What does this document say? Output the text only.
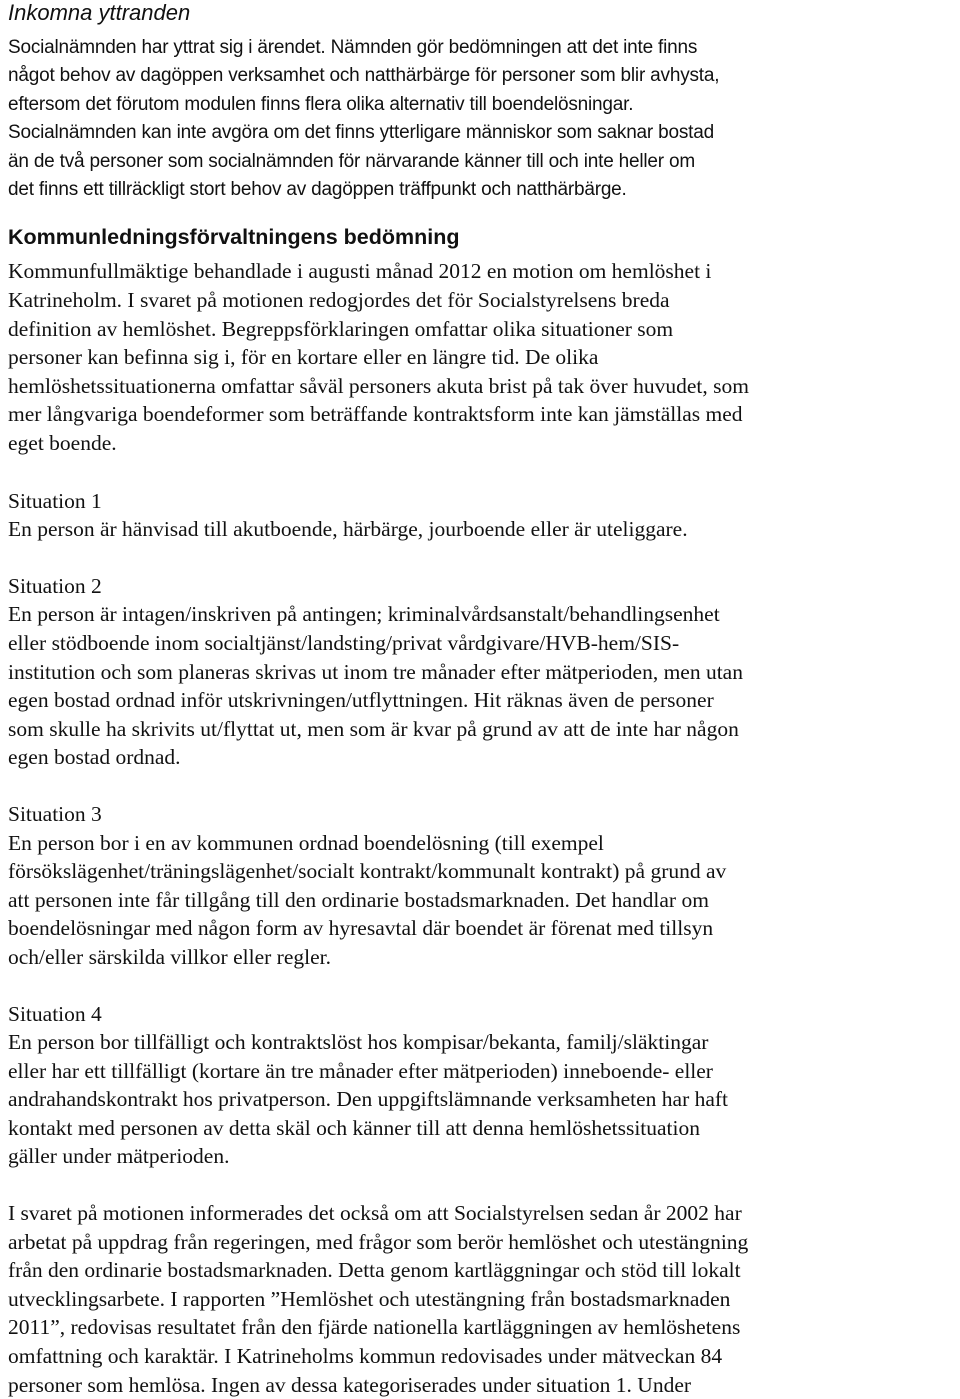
Inkomna yttranden

Socialnämnden har yttrat sig i ärendet. Nämnden gör bedömningen att det inte finns
något behov av dagöppen verksamhet och natthärbärge för personer som blir avhysta,
eftersom det förutom modulen finns flera olika alternativ till boendelösningar.
Socialnämnden kan inte avgöra om det finns ytterligare människor som saknar bostad
än de två personer som socialnämnden för närvarande känner till och inte heller om
det finns ett tillräckligt stort behov av dagöppen träffpunkt och natthärbärge.

Kommunledningsförvaltningens bedömning

Kommunfullmäktige behandlade i augusti månad 2012 en motion om hemlöshet i
Katrineholm. I svaret på motionen redogjordes det för Socialstyrelsens breda
definition av hemlöshet. Begreppsförklaringen omfattar olika situationer som
personer kan befinna sig i, för en kortare eller en längre tid. De olika
hemlöshetssituationerna omfattar såväl personers akuta brist på tak över huvudet, som
mer långvariga boendeformer som beträffande kontraktsform inte kan jämställas med
eget boende.

Situation 1
En person är hänvisad till akutboende, härbärge, jourboende eller är uteliggare.

Situation 2
En person är intagen/inskriven på antingen; kriminalvårdsanstalt/behandlingsenhet
eller stödboende inom socialtjänst/landsting/privat vårdgivare/HVB-hem/SIS-
institution och som planeras skrivas ut inom tre månader efter mätperioden, men utan
egen bostad ordnad inför utskrivningen/utflyttningen. Hit räknas även de personer
som skulle ha skrivits ut/flyttat ut, men som är kvar på grund av att de inte har någon
egen bostad ordnad.

Situation 3
En person bor i en av kommunen ordnad boendelösning (till exempel
försökslägenhet/träningslägenhet/socialt kontrakt/kommunalt kontrakt) på grund av
att personen inte får tillgång till den ordinarie bostadsmarknaden. Det handlar om
boendelösningar med någon form av hyresavtal där boendet är förenat med tillsyn
och/eller särskilda villkor eller regler.

Situation 4
En person bor tillfälligt och kontraktslöst hos kompisar/bekanta, familj/släktingar
eller har ett tillfälligt (kortare än tre månader efter mätperioden) inneboende- eller
andrahandskontrakt hos privatperson. Den uppgiftslämnande verksamheten har haft
kontakt med personen av detta skäl och känner till att denna hemlöshetssituation
gäller under mätperioden.

I svaret på motionen informerades det också om att Socialstyrelsen sedan år 2002 har
arbetat på uppdrag från regeringen, med frågor som berör hemlöshet och utestängning
från den ordinarie bostadsmarknaden. Detta genom kartläggningar och stöd till lokalt
utvecklingsarbete. I rapporten ”Hemlöshet och utestängning från bostadsmarknaden
2011”, redovisas resultatet från den fjärde nationella kartläggningen av hemlöshetens
omfattning och karaktär. I Katrineholms kommun redovisades under mätveckan 84
personer som hemlösa. Ingen av dessa kategoriserades under situation 1. Under
